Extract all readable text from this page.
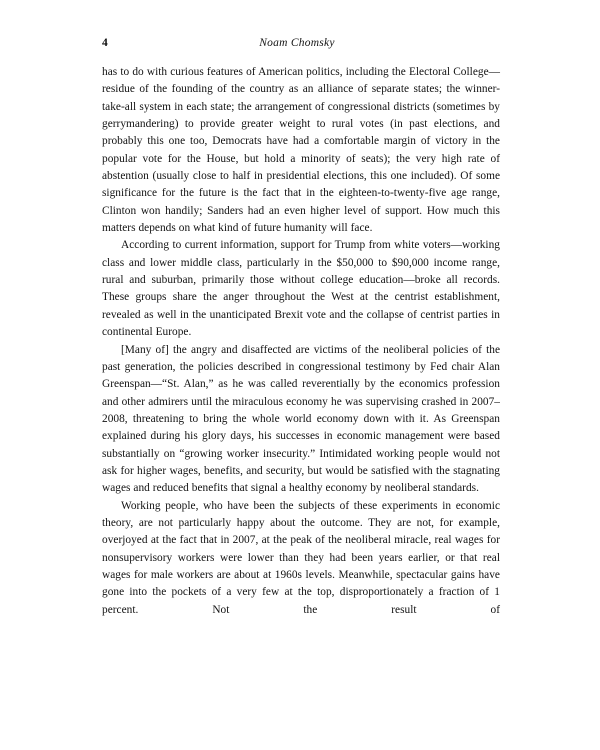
4	Noam Chomsky

has to do with curious features of American politics, including the Electoral College—residue of the founding of the country as an alliance of separate states; the winner-take-all system in each state; the arrangement of congressional districts (sometimes by gerrymandering) to provide greater weight to rural votes (in past elections, and probably this one too, Democrats have had a comfortable margin of victory in the popular vote for the House, but hold a minority of seats); the very high rate of abstention (usually close to half in presidential elections, this one included). Of some significance for the future is the fact that in the eighteen-to-twenty-five age range, Clinton won handily; Sanders had an even higher level of support. How much this matters depends on what kind of future humanity will face.

According to current information, support for Trump from white voters—working class and lower middle class, particularly in the $50,000 to $90,000 income range, rural and suburban, primarily those without college education—broke all records. These groups share the anger throughout the West at the centrist establishment, revealed as well in the unanticipated Brexit vote and the collapse of centrist parties in continental Europe.

[Many of] the angry and disaffected are victims of the neoliberal policies of the past generation, the policies described in congressional testimony by Fed chair Alan Greenspan—“St. Alan,” as he was called reverentially by the economics profession and other admirers until the miraculous economy he was supervising crashed in 2007–2008, threatening to bring the whole world economy down with it. As Greenspan explained during his glory days, his successes in economic management were based substantially on “growing worker insecurity.” Intimidated working people would not ask for higher wages, benefits, and security, but would be satisfied with the stagnating wages and reduced benefits that signal a healthy economy by neoliberal standards.

Working people, who have been the subjects of these experiments in economic theory, are not particularly happy about the outcome. They are not, for example, overjoyed at the fact that in 2007, at the peak of the neoliberal miracle, real wages for nonsupervisory workers were lower than they had been years earlier, or that real wages for male workers are about at 1960s levels. Meanwhile, spectacular gains have gone into the pockets of a very few at the top, disproportionately a fraction of 1 percent. Not the result of
